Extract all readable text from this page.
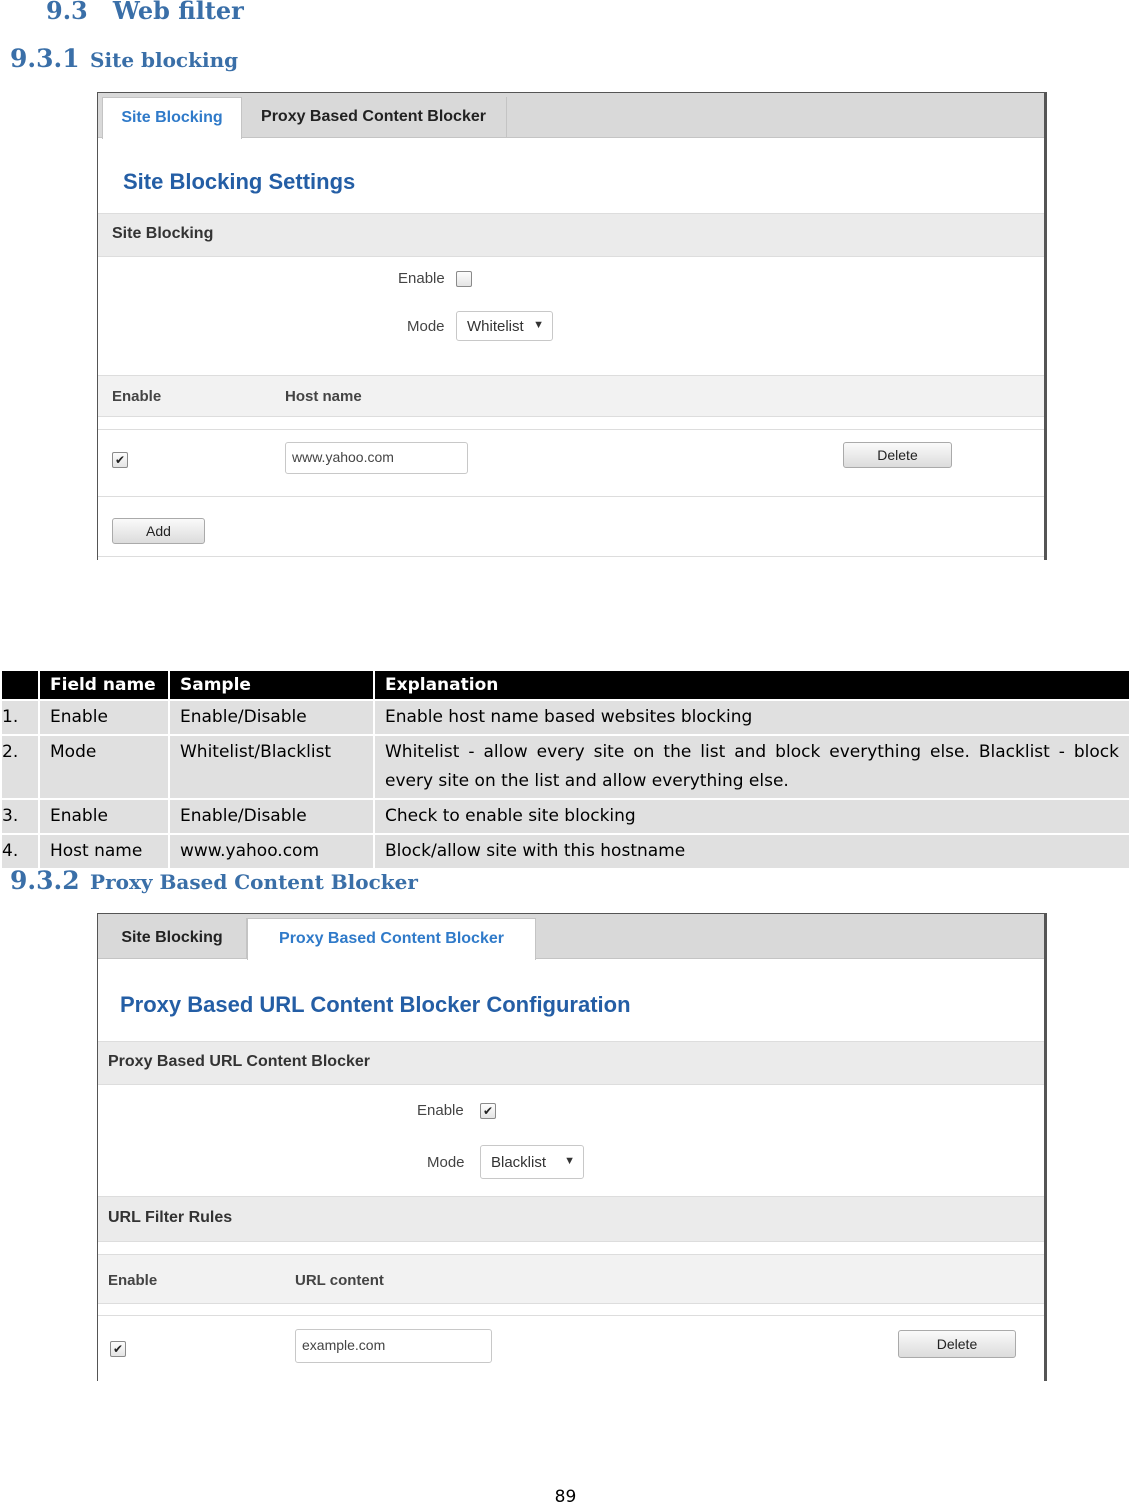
9.3 Web filter
9.3.1 Site blocking
Site Blocking	Proxy Based Content Blocker
Site Blocking Settings
Site Blocking
Enable
Mode Whitelist ▼
Enable	Host name
✔	www.yahoo.com	Delete
Add
	Field name	Sample	Explanation
1.	Enable	Enable/Disable	Enable host name based websites blocking
2.	Mode	Whitelist/Blacklist	Whitelist - allow every site on the list and block everything else. Blacklist - block every site on the list and allow everything else.
3.	Enable	Enable/Disable	Check to enable site blocking
4.	Host name	www.yahoo.com	Block/allow site with this hostname
9.3.2 Proxy Based Content Blocker
Site Blocking	Proxy Based Content Blocker
Proxy Based URL Content Blocker Configuration
Proxy Based URL Content Blocker
Enable ✔
Mode Blacklist ▼
URL Filter Rules
Enable	URL content
✔	example.com	Delete
89
